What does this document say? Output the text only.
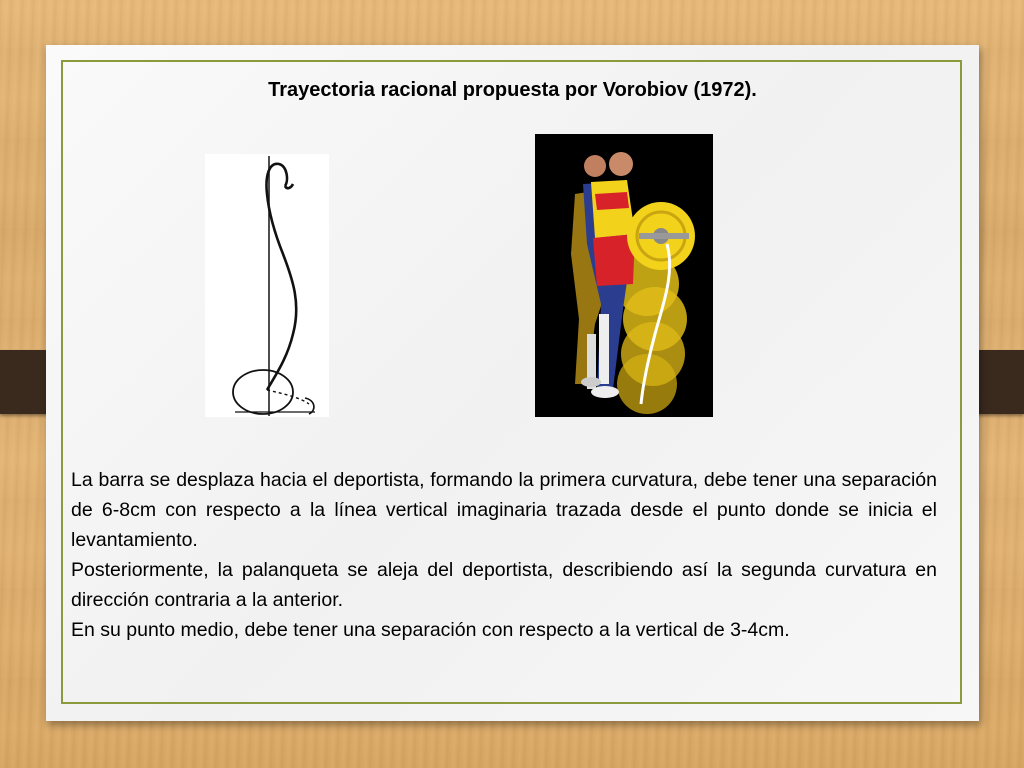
Trayectoria racional propuesta por Vorobiov (1972).

La barra se desplaza hacia el deportista, formando la primera curvatura, debe tener una separación de 6-8cm con respecto a la línea vertical imaginaria trazada desde el punto donde se inicia el levantamiento.

Posteriormente, la palanqueta se aleja del deportista, describiendo así la segunda curvatura en dirección contraria a la anterior.

En su punto medio, debe tener una separación con respecto a la vertical de 3-4cm.
